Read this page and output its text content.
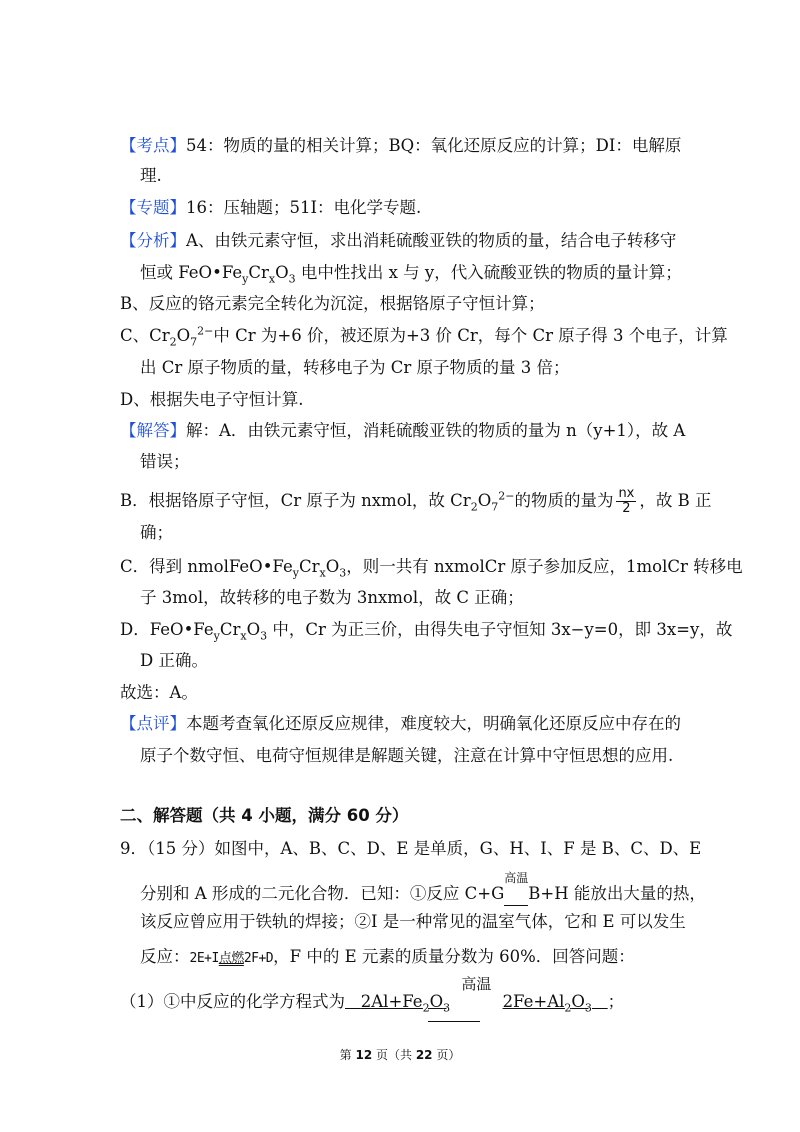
【考点】54：物质的量的相关计算；BQ：氧化还原反应的计算；DI：电解原
理.
【专题】16：压轴题；51I：电化学专题.
【分析】A、由铁元素守恒，求出消耗硫酸亚铁的物质的量，结合电子转移守
恒或 $FeO•Fe_yCr_xO_3$ 电中性找出 x 与 y，代入硫酸亚铁的物质的量计算；
B、反应的铬元素完全转化为沉淀，根据铬原子守恒计算；
C、$Cr_2O_7^{2-}$中 Cr 为+6 价，被还原为+3 价 Cr，每个 Cr 原子得 3 个电子，计算
出 Cr 原子物质的量，转移电子为 Cr 原子物质的量 3 倍；
D、根据失电子守恒计算.
【解答】解：A．由铁元素守恒，消耗硫酸亚铁的物质的量为 n（y+1），故 A
错误；
B．根据铬原子守恒，Cr 原子为 nxmol，故 $Cr_2O_7^{2-}$的物质的量为 $\frac{nx}{2}$ ，故 B 正
确；
C．得到 $nmolFeO•Fe_yCr_xO_3$，则一共有 nxmolCr 原子参加反应，1molCr 转移电
子 3mol，故转移的电子数为 3nxmol，故 C 正确；
D．$FeO•Fe_yCr_xO_3$ 中，Cr 为正三价，由得失电子守恒知 3x−y=0，即 3x=y，故
D 正确。
故选：A。
【点评】本题考查氧化还原反应规律，难度较大，明确氧化还原反应中存在的
原子个数守恒、电荷守恒规律是解题关键，注意在计算中守恒思想的应用.
二、解答题（共 4 小题，满分 60 分）
9．（15 分）如图中，A、B、C、D、E 是单质，G、H、I、F 是 B、C、D、E
分别和 A 形成的二元化合物．已知：①反应 C+G
高温
B+H 能放出大量的热，
该反应曾应用于铁轨的焊接；②I 是一种常见的温室气体，它和 E 可以发生
反应：2E+I点燃2F+D，F 中的 E 元素的质量分数为 60%．回答问题：
（1）①中反应的化学方程式为 $2Al+Fe_2O_3$
高温
$2Fe+Al_2O_3$ ；
第 12 页（共 22 页）
